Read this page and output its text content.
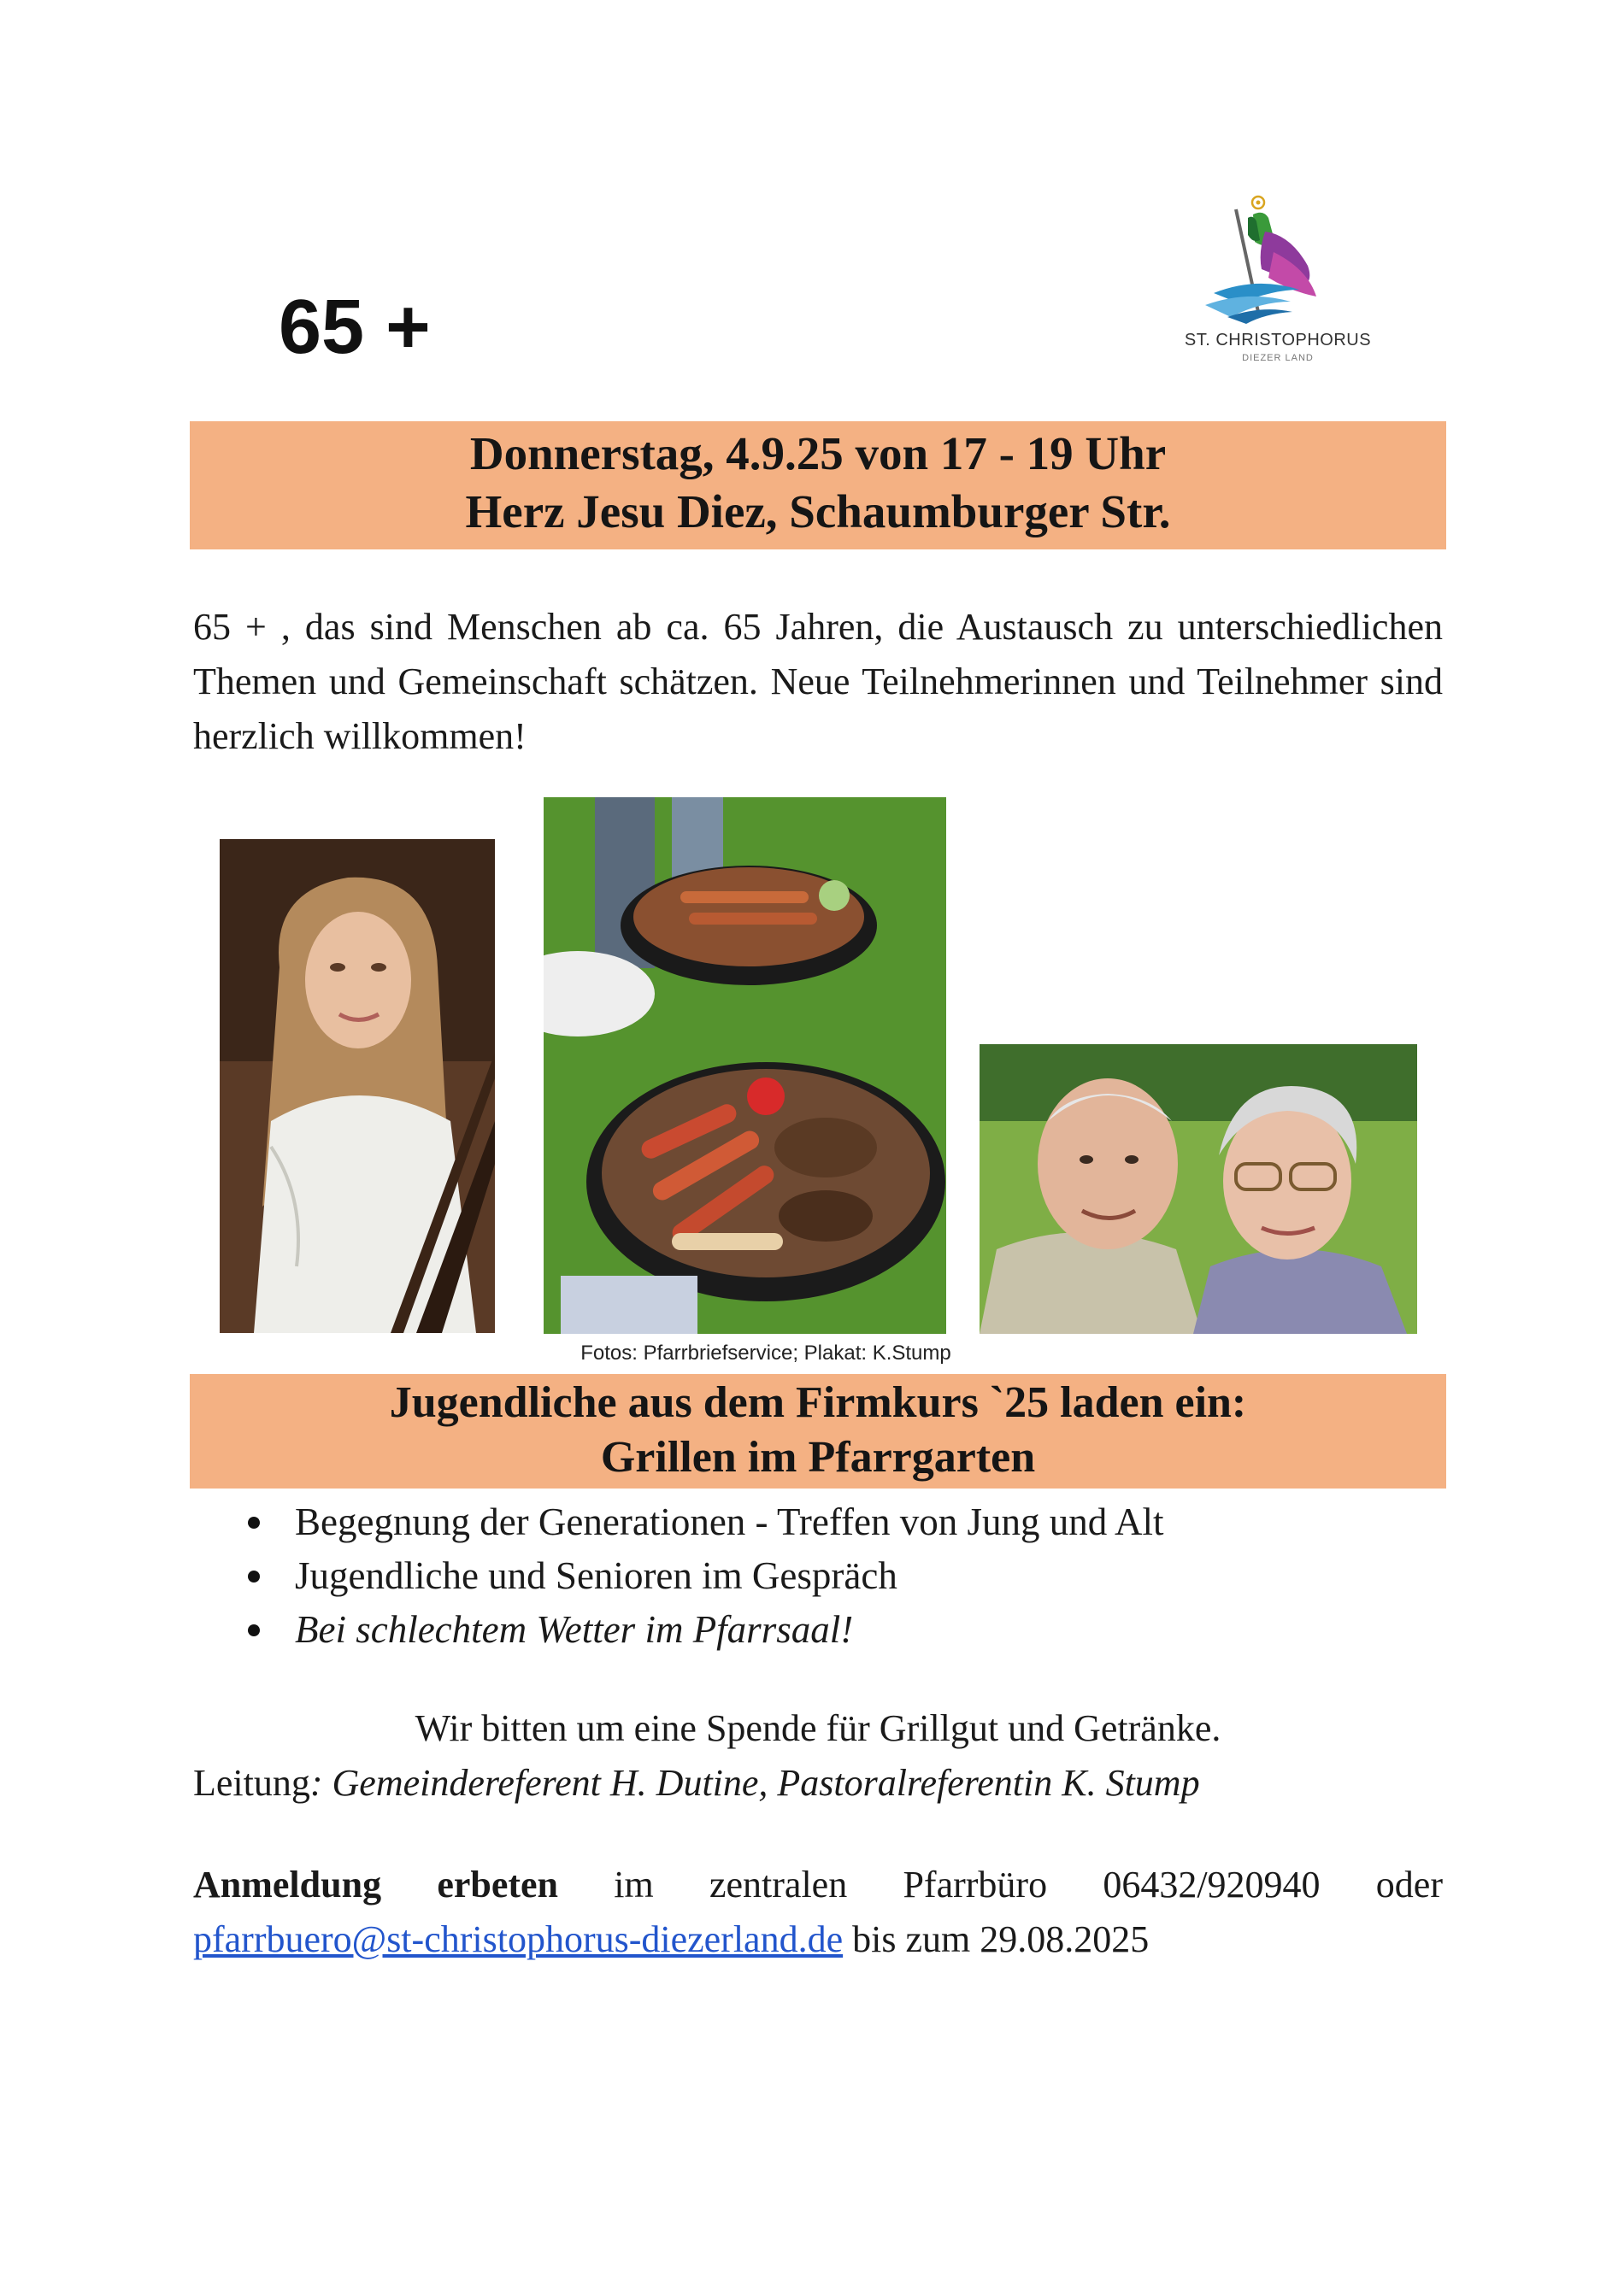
65 +	ST. CHRISTOPHORUS
DIEZER LAND
Donnerstag, 4.9.25 von 17 - 19 Uhr
Herz Jesu Diez, Schaumburger Str.

65 + , das sind Menschen ab ca. 65 Jahren, die Austausch zu unterschiedlichen Themen und Gemeinschaft schätzen. Neue Teilnehmerinnen und Teilnehmer sind herzlich willkommen!

Fotos: Pfarrbriefservice; Plakat: K.Stump
Jugendliche aus dem Firmkurs `25 laden ein:
Grillen im Pfarrgarten
Begegnung der Generationen - Treffen von Jung und Alt
Jugendliche und Senioren im Gespräch
Bei schlechtem Wetter im Pfarrsaal!

Wir bitten um eine Spende für Grillgut und Getränke.

Leitung: Gemeindereferent H. Dutine, Pastoralreferentin K. Stump

Anmeldung erbeten im zentralen Pfarrbüro 06432/920940 oder
pfarrbuero@st-christophorus-diezerland.de bis zum 29.08.2025
